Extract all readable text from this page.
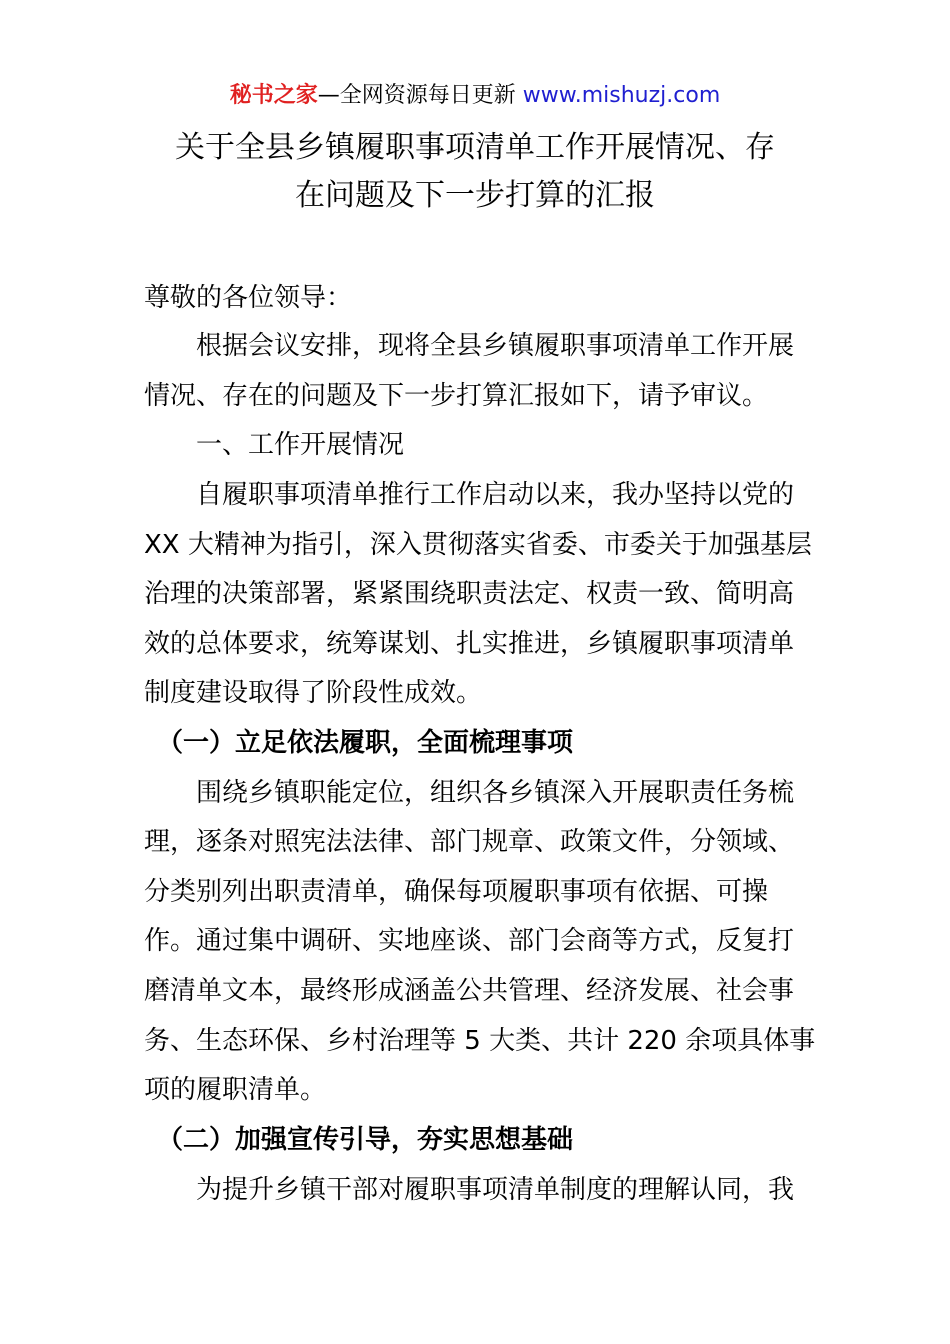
秘书之家—全网资源每日更新 www.mishuzj.com
关于全县乡镇履职事项清单工作开展情况、存
在问题及下一步打算的汇报
尊敬的各位领导：
　　根据会议安排，现将全县乡镇履职事项清单工作开展
情况、存在的问题及下一步打算汇报如下，请予审议。
　　一、工作开展情况
　　自履职事项清单推行工作启动以来，我办坚持以党的
XX 大精神为指引，深入贯彻落实省委、市委关于加强基层
治理的决策部署，紧紧围绕职责法定、权责一致、简明高
效的总体要求，统筹谋划、扎实推进，乡镇履职事项清单
制度建设取得了阶段性成效。
　（一）立足依法履职，全面梳理事项
　　围绕乡镇职能定位，组织各乡镇深入开展职责任务梳
理，逐条对照宪法法律、部门规章、政策文件，分领域、
分类别列出职责清单，确保每项履职事项有依据、可操
作。通过集中调研、实地座谈、部门会商等方式，反复打
磨清单文本，最终形成涵盖公共管理、经济发展、社会事
务、生态环保、乡村治理等 5 大类、共计 220 余项具体事
项的履职清单。
　（二）加强宣传引导，夯实思想基础
　　为提升乡镇干部对履职事项清单制度的理解认同，我
